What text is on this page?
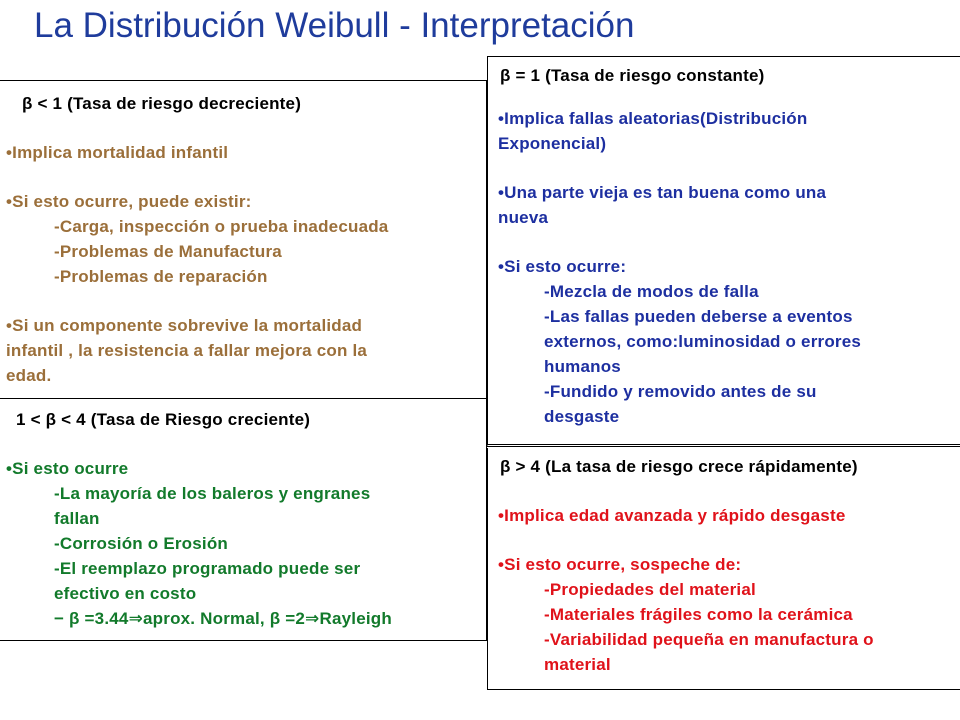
La Distribución Weibull - Interpretación

β < 1 (Tasa de riesgo decreciente)

•Implica mortalidad infantil

•Si esto ocurre, puede existir:

-Carga, inspección o prueba inadecuada

-Problemas de Manufactura

-Problemas de reparación

•Si un componente sobrevive la mortalidad

infantil , la resistencia a fallar mejora con la

edad.

1 < β < 4 (Tasa de Riesgo creciente)

•Si esto ocurre

-La mayoría de los baleros y engranes

fallan

-Corrosión o Erosión

-El reemplazo programado puede ser

efectivo en costo

− β =3.44⇒aprox. Normal, β =2⇒Rayleigh

β = 1 (Tasa de riesgo constante)

•Implica fallas aleatorias(Distribución

Exponencial)

•Una parte vieja es tan buena como una

nueva

•Si esto ocurre:

-Mezcla de modos de falla

-Las fallas pueden deberse a eventos

externos, como:luminosidad o errores

humanos

-Fundido y removido antes de su

desgaste

β > 4 (La tasa de riesgo crece rápidamente)

•Implica edad avanzada y rápido desgaste

•Si esto ocurre, sospeche de:

-Propiedades del material

-Materiales frágiles como la cerámica

-Variabilidad pequeña en manufactura o

material
